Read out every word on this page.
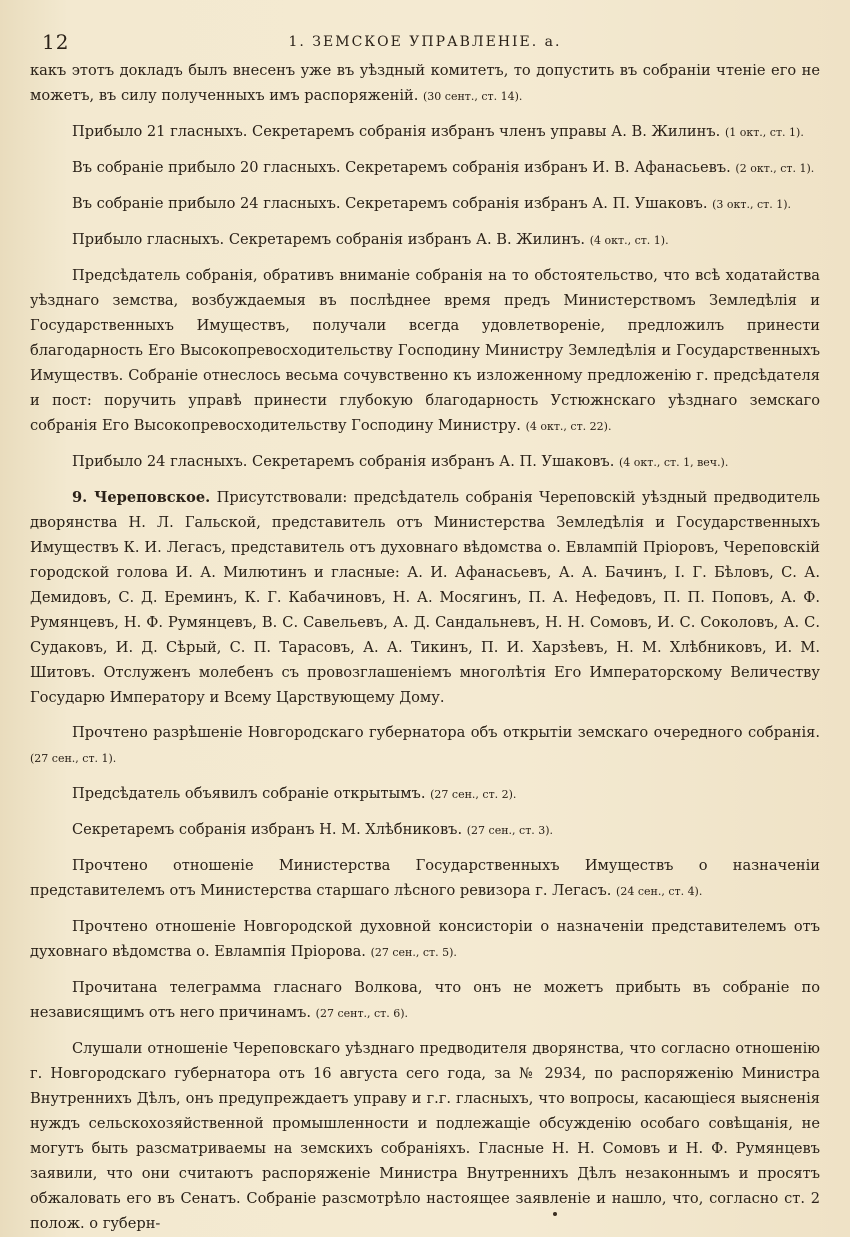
12	1. ЗЕМСКОЕ УПРАВЛЕНІЕ. а.

какъ этотъ докладъ былъ внесенъ уже въ уѣздный комитетъ, то допустить въ собраніи чтеніе его не можетъ, въ силу полученныхъ имъ распоряженій. (30 сент., ст. 14).

Прибыло 21 гласныхъ. Секретаремъ собранія избранъ членъ управы А. В. Жилинъ. (1 окт., ст. 1).

Въ собраніе прибыло 20 гласныхъ. Секретаремъ собранія избранъ И. В. Афанасьевъ. (2 окт., ст. 1).

Въ собраніе прибыло 24 гласныхъ. Секретаремъ собранія избранъ А. П. Ушаковъ. (3 окт., ст. 1).

Прибыло гласныхъ. Секретаремъ собранія избранъ А. В. Жилинъ. (4 окт., ст. 1).

Предсѣдатель собранія, обративъ вниманіе собранія на то обстоятельство, что всѣ ходатайства уѣзднаго земства, возбуждаемыя въ послѣднее время предъ Министерствомъ Земледѣлія и Государственныхъ Имуществъ, получали всегда удовлетвореніе, предложилъ принести благодарность Его Высокопревосходительству Господину Министру Земледѣлія и Государственныхъ Имуществъ. Собраніе отнеслось весьма сочувственно къ изложенному предложенію г. предсѣдателя и пост: поручить управѣ принести глубокую благодарность Устюжнскаго уѣзднаго земскаго собранія Его Высокопревосходительству Господину Министру. (4 окт., ст. 22).

Прибыло 24 гласныхъ. Секретаремъ собранія избранъ А. П. Ушаковъ. (4 окт., ст. 1, веч.).

9. Череповское. Присутствовали: предсѣдатель собранія Череповскій уѣздный предводитель дворянства Н. Л. Гальской, представитель отъ Министерства Земледѣлія и Государственныхъ Имуществъ К. И. Легасъ, представитель отъ духовнаго вѣдомства о. Евлампій Пріоровъ, Череповскій городской голова И. А. Милютинъ и гласные: А. И. Афанасьевъ, А. А. Бачинъ, І. Г. Бѣловъ, С. А. Демидовъ, С. Д. Ереминъ, К. Г. Кабачиновъ, Н. А. Мосягинъ, П. А. Нефедовъ, П. П. Поповъ, А. Ф. Румянцевъ, Н. Ф. Румянцевъ, В. С. Савельевъ, А. Д. Сандальневъ, Н. Н. Сомовъ, И. С. Соколовъ, А. С. Судаковъ, И. Д. Сѣрый, С. П. Тарасовъ, А. А. Тикинъ, П. И. Харзѣевъ, Н. М. Хлѣбниковъ, И. М. Шитовъ. Отслуженъ молебенъ съ провозглашеніемъ многолѣтія Его Императорскому Величеству Государю Императору и Всему Царствующему Дому.

Прочтено разрѣшеніе Новгородскаго губернатора объ открытіи земскаго очередного собранія. (27 сен., ст. 1).

Предсѣдатель объявилъ собраніе открытымъ. (27 сен., ст. 2).

Секретаремъ собранія избранъ Н. М. Хлѣбниковъ. (27 сен., ст. 3).

Прочтено отношеніе Министерства Государственныхъ Имуществъ о назначеніи представителемъ отъ Министерства старшаго лѣсного ревизора г. Легасъ. (24 сен., ст. 4).

Прочтено отношеніе Новгородской духовной консисторіи о назначеніи представителемъ отъ духовнаго вѣдомства о. Евлампія Пріорова. (27 сен., ст. 5).

Прочитана телеграмма гласнаго Волкова, что онъ не можетъ прибыть въ собраніе по независящимъ отъ него причинамъ. (27 сент., ст. 6).

Слушали отношеніе Череповскаго уѣзднаго предводителя дворянства, что согласно отношенію г. Новгородскаго губернатора отъ 16 августа сего года, за № 2934, по распоряженію Министра Внутреннихъ Дѣлъ, онъ предупреждаетъ управу и г.г. гласныхъ, что вопросы, касающіеся выясненія нуждъ сельскохозяйственной промышленности и подлежащіе обсужденію особаго совѣщанія, не могутъ быть разсматриваемы на земскихъ собраніяхъ. Гласные Н. Н. Сомовъ и Н. Ф. Румянцевъ заявили, что они считаютъ распоряженіе Министра Внутреннихъ Дѣлъ незаконнымъ и просятъ обжаловать его въ Сенатъ. Собраніе разсмотрѣло настоящее заявленіе и нашло, что, согласно ст. 2 полож. о губерн-
